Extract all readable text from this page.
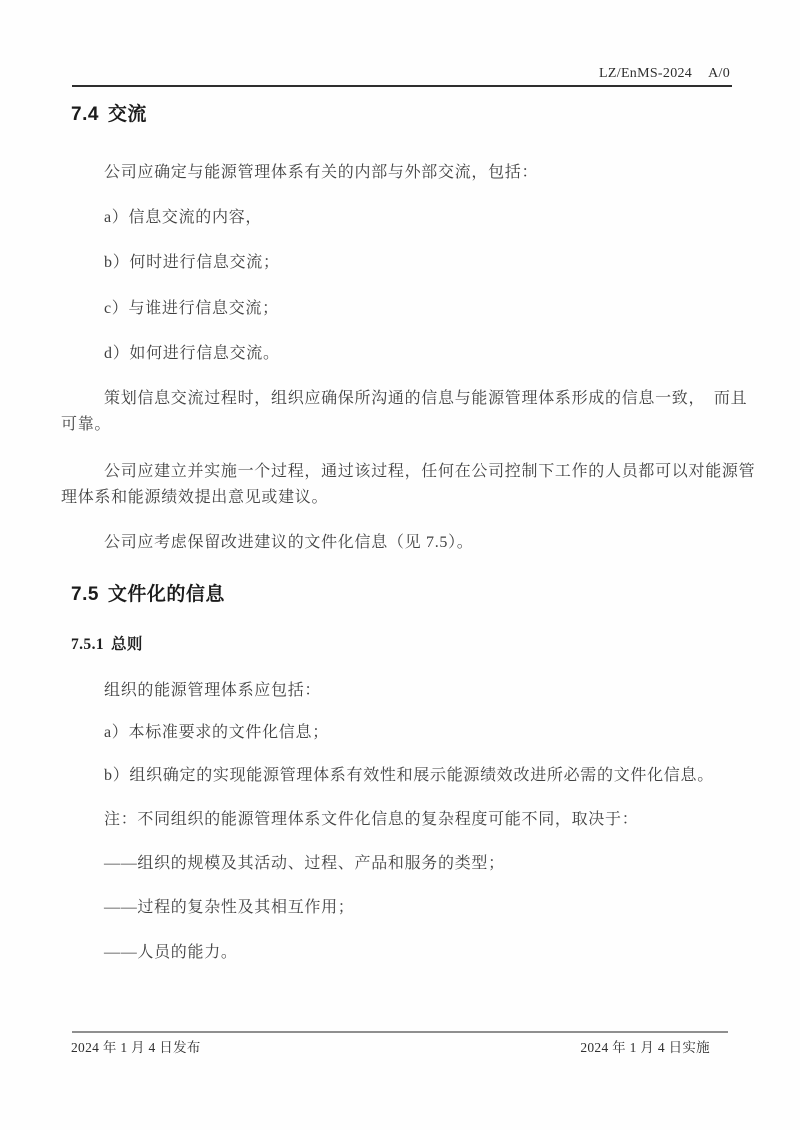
LZ/EnMS-2024 A/0
7.4 交流
公司应确定与能源管理体系有关的内部与外部交流，包括：
a）信息交流的内容，
b）何时进行信息交流；
c）与谁进行信息交流；
d）如何进行信息交流。
策划信息交流过程时，组织应确保所沟通的信息与能源管理体系形成的信息一致，　而且
可靠。
公司应建立并实施一个过程，通过该过程，任何在公司控制下工作的人员都可以对能源管
理体系和能源绩效提出意见或建议。
公司应考虑保留改进建议的文件化信息（见 7.5）。
7.5 文件化的信息
7.5.1 总则
组织的能源管理体系应包括：
a）本标准要求的文件化信息；
b）组织确定的实现能源管理体系有效性和展示能源绩效改进所必需的文件化信息。
注：不同组织的能源管理体系文件化信息的复杂程度可能不同，取决于：
——组织的规模及其活动、过程、产品和服务的类型；
——过程的复杂性及其相互作用；
——人员的能力。
2024 年 1 月 4 日发布	2024 年 1 月 4 日实施
